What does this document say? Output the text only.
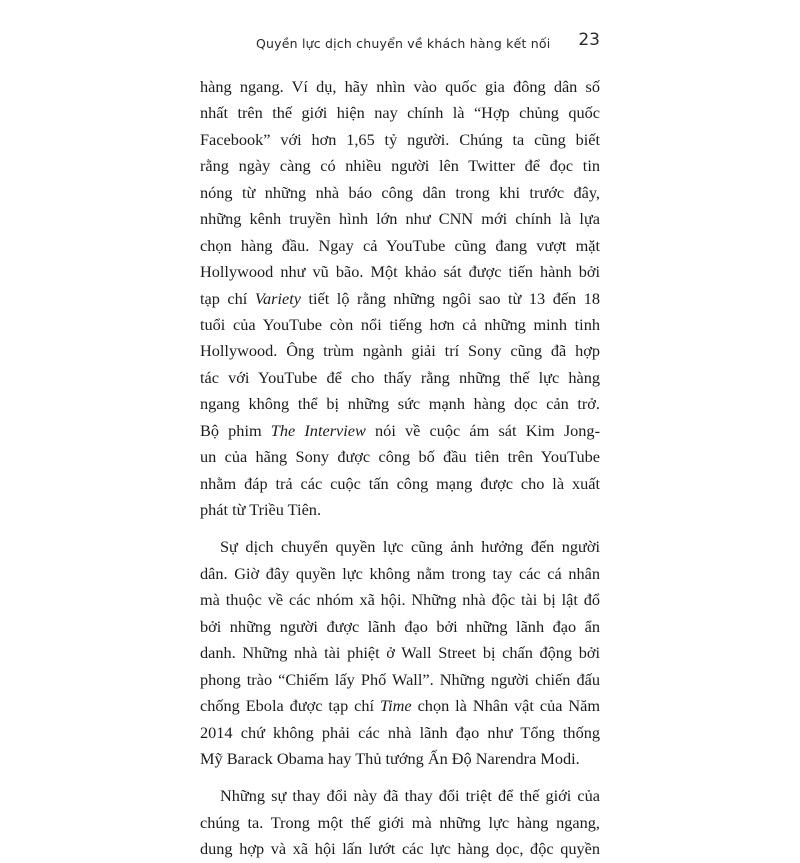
Quyền lực dịch chuyển về khách hàng kết nối 23
hàng ngang. Ví dụ, hãy nhìn vào quốc gia đông dân số
nhất trên thế giới hiện nay chính là “Hợp chủng quốc
Facebook” với hơn 1,65 tỷ người. Chúng ta cũng biết
rằng ngày càng có nhiều người lên Twitter để đọc tin
nóng từ những nhà báo công dân trong khi trước đây,
những kênh truyền hình lớn như CNN mới chính là lựa
chọn hàng đầu. Ngay cả YouTube cũng đang vượt mặt
Hollywood như vũ bão. Một khảo sát được tiến hành bởi
tạp chí Variety tiết lộ rằng những ngôi sao từ 13 đến 18
tuổi của YouTube còn nổi tiếng hơn cả những minh tinh
Hollywood. Ông trùm ngành giải trí Sony cũng đã hợp
tác với YouTube để cho thấy rằng những thế lực hàng
ngang không thể bị những sức mạnh hàng dọc cản trở.
Bộ phim The Interview nói về cuộc ám sát Kim Jong-
un của hãng Sony được công bố đầu tiên trên YouTube
nhằm đáp trả các cuộc tấn công mạng được cho là xuất
phát từ Triều Tiên.
Sự dịch chuyển quyền lực cũng ảnh hưởng đến người
dân. Giờ đây quyền lực không nằm trong tay các cá nhân
mà thuộc về các nhóm xã hội. Những nhà độc tài bị lật đổ
bởi những người được lãnh đạo bởi những lãnh đạo ẩn
danh. Những nhà tài phiệt ở Wall Street bị chấn động bởi
phong trào “Chiếm lấy Phố Wall”. Những người chiến đấu
chống Ebola được tạp chí Time chọn là Nhân vật của Năm
2014 chứ không phải các nhà lãnh đạo như Tổng thống
Mỹ Barack Obama hay Thủ tướng Ấn Độ Narendra Modi.
Những sự thay đổi này đã thay đổi triệt để thế giới của
chúng ta. Trong một thế giới mà những lực hàng ngang,
dung hợp và xã hội lấn lướt các lực hàng dọc, độc quyền
